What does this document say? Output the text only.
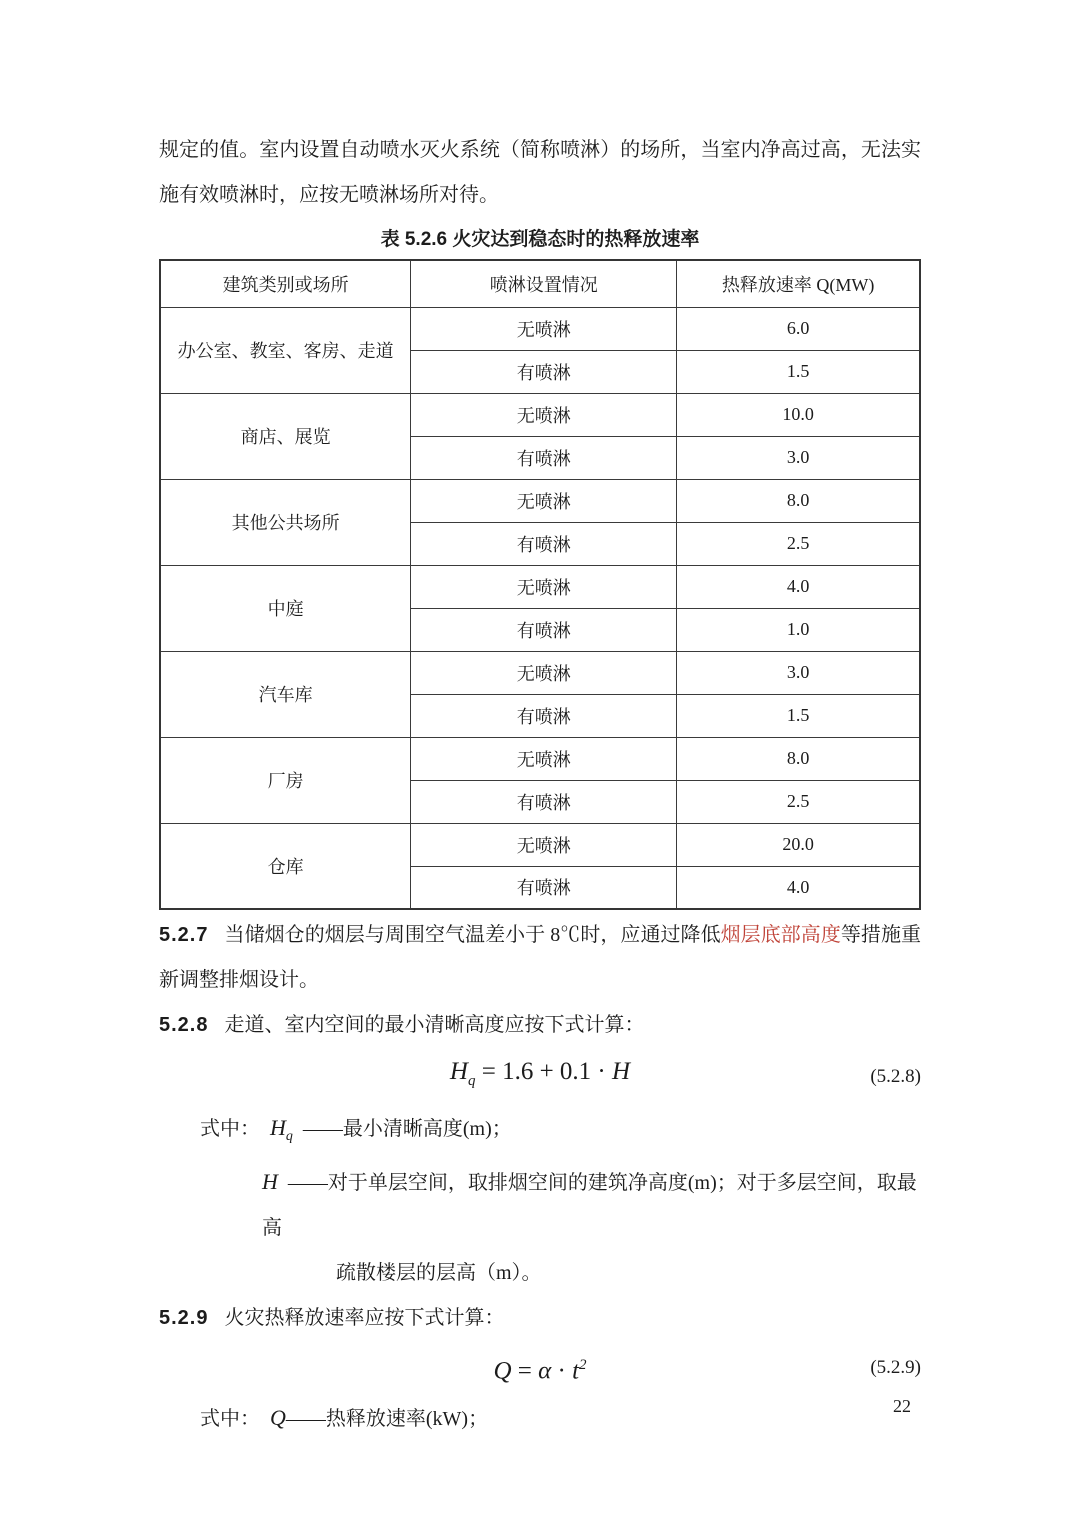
规定的值。室内设置自动喷水灭火系统（简称喷淋）的场所，当室内净高过高，无法实施有效喷淋时，应按无喷淋场所对待。

表 5.2.6 火灾达到稳态时的热释放速率
建筑类别或场所	喷淋设置情况	热释放速率 Q(MW)
办公室、教室、客房、走道	无喷淋	6.0
	有喷淋	1.5
商店、展览	无喷淋	10.0
	有喷淋	3.0
其他公共场所	无喷淋	8.0
	有喷淋	2.5
中庭	无喷淋	4.0
	有喷淋	1.0
汽车库	无喷淋	3.0
	有喷淋	1.5
厂房	无喷淋	8.0
	有喷淋	2.5
仓库	无喷淋	20.0
	有喷淋	4.0

5.2.7 当储烟仓的烟层与周围空气温差小于 8℃时，应通过降低烟层底部高度等措施重新调整排烟设计。

5.2.8 走道、室内空间的最小清晰高度应按下式计算：

$H_q = 1.6 + 0.1 \cdot H$	(5.2.8)
式中： $H_q$ ——最小清晰高度(m)；
H ——对于单层空间，取排烟空间的建筑净高度(m)；对于多层空间，取最高
疏散楼层的层高（m）。

5.2.9 火灾热释放速率应按下式计算：

$Q = \alpha \cdot t^2$	(5.2.9)
式中： Q——热释放速率(kW)；
22
